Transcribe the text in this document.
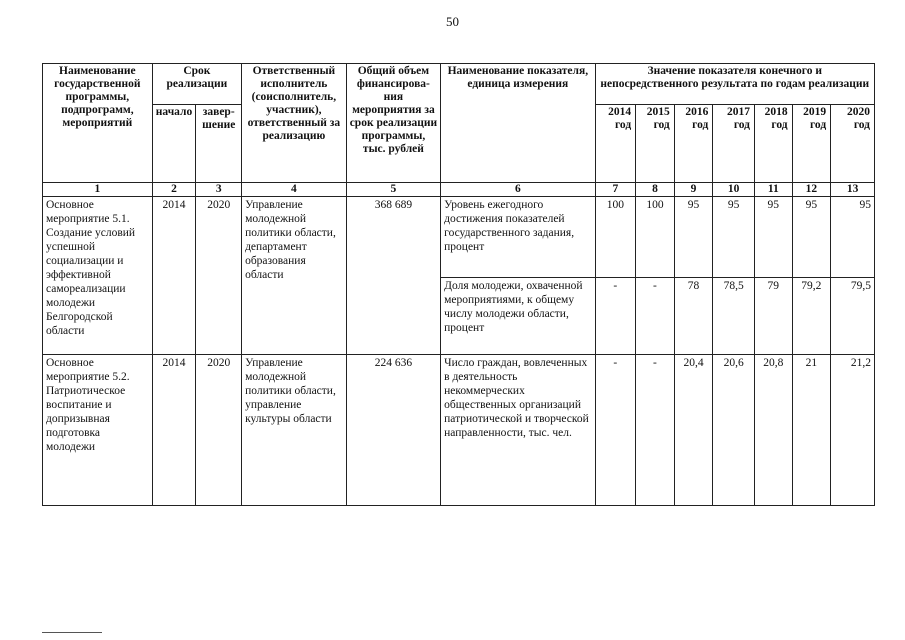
50
Наименование государственной программы, подпрограмм, мероприятий	Срок реализации		Ответственный исполнитель (соисполнитель, участник), ответственный за реализацию	Общий объем финансирова-ния мероприятия за срок реализации программы, тыс. рублей	Наименование показателя, единица измерения	Значение показателя конечного и непосредственного результата по годам реализации						
	начало	завер-шение				2014 год	2015 год	2016 год	2017 год	2018 год	2019 год	2020 год
1	2	3	4	5	6	7	8	9	10	11	12	13
Основное мероприятие 5.1. Создание условий успешной социализации и эффективной самореализации молодежи Белгородской области	2014	2020	Управление молодежной политики области, департамент образования области	368 689	Уровень ежегодного достижения показателей государственного задания, процент	100	100	95	95	95	95	95
					Доля молодежи, охваченной мероприятиями, к общему числу молодежи области, процент	-	-	78	78,5	79	79,2	79,5
Основное мероприятие 5.2. Патриотическое воспитание и допризывная подготовка молодежи	2014	2020	Управление молодежной политики области, управление культуры области	224 636	Число граждан, вовлеченных в деятельность некоммерческих общественных организаций патриотической и творческой направленности, тыс. чел.	-	-	20,4	20,6	20,8	21	21,2
